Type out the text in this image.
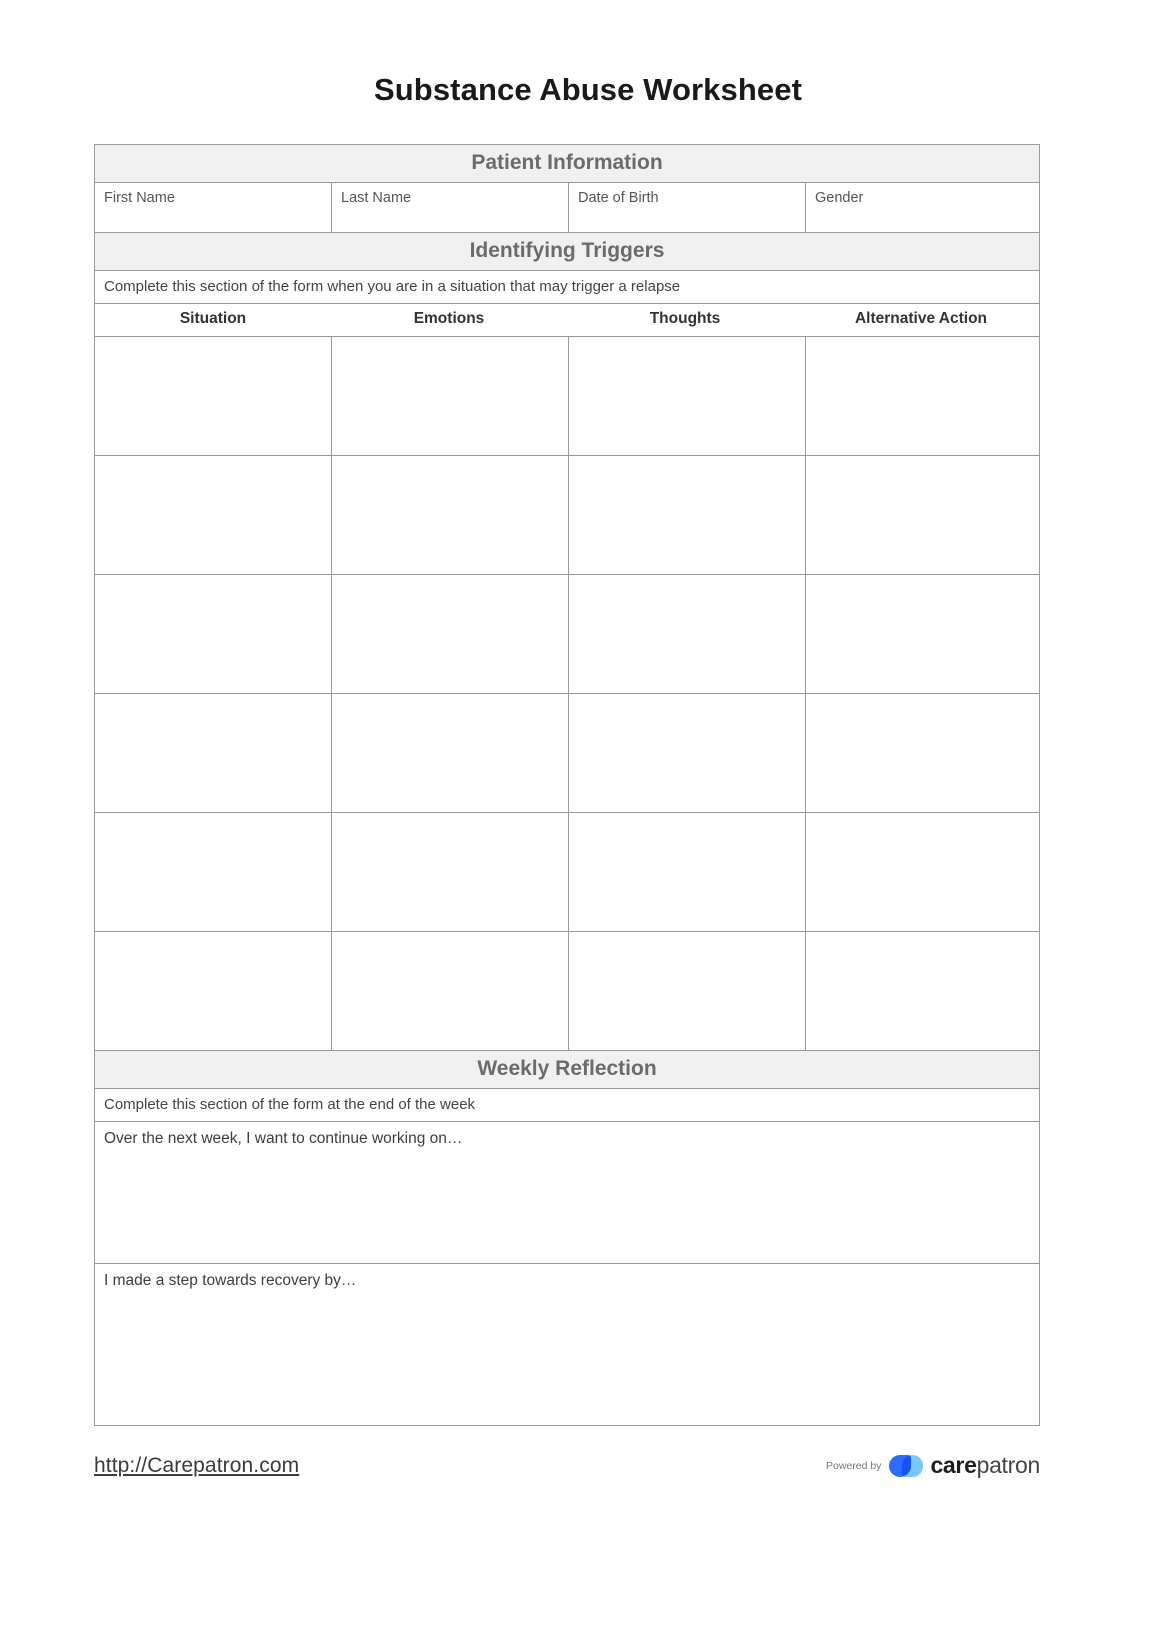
Substance Abuse Worksheet
Patient Information
First Name	Last Name	Date of Birth	Gender
Identifying Triggers
Complete this section of the form when you are in a situation that may trigger a relapse
Situation	Emotions	Thoughts	Alternative Action
Weekly Reflection
Complete this section of the form at the end of the week
Over the next week, I want to continue working on…
I made a step towards recovery by…
http://Carepatron.com	Powered by carepatron
